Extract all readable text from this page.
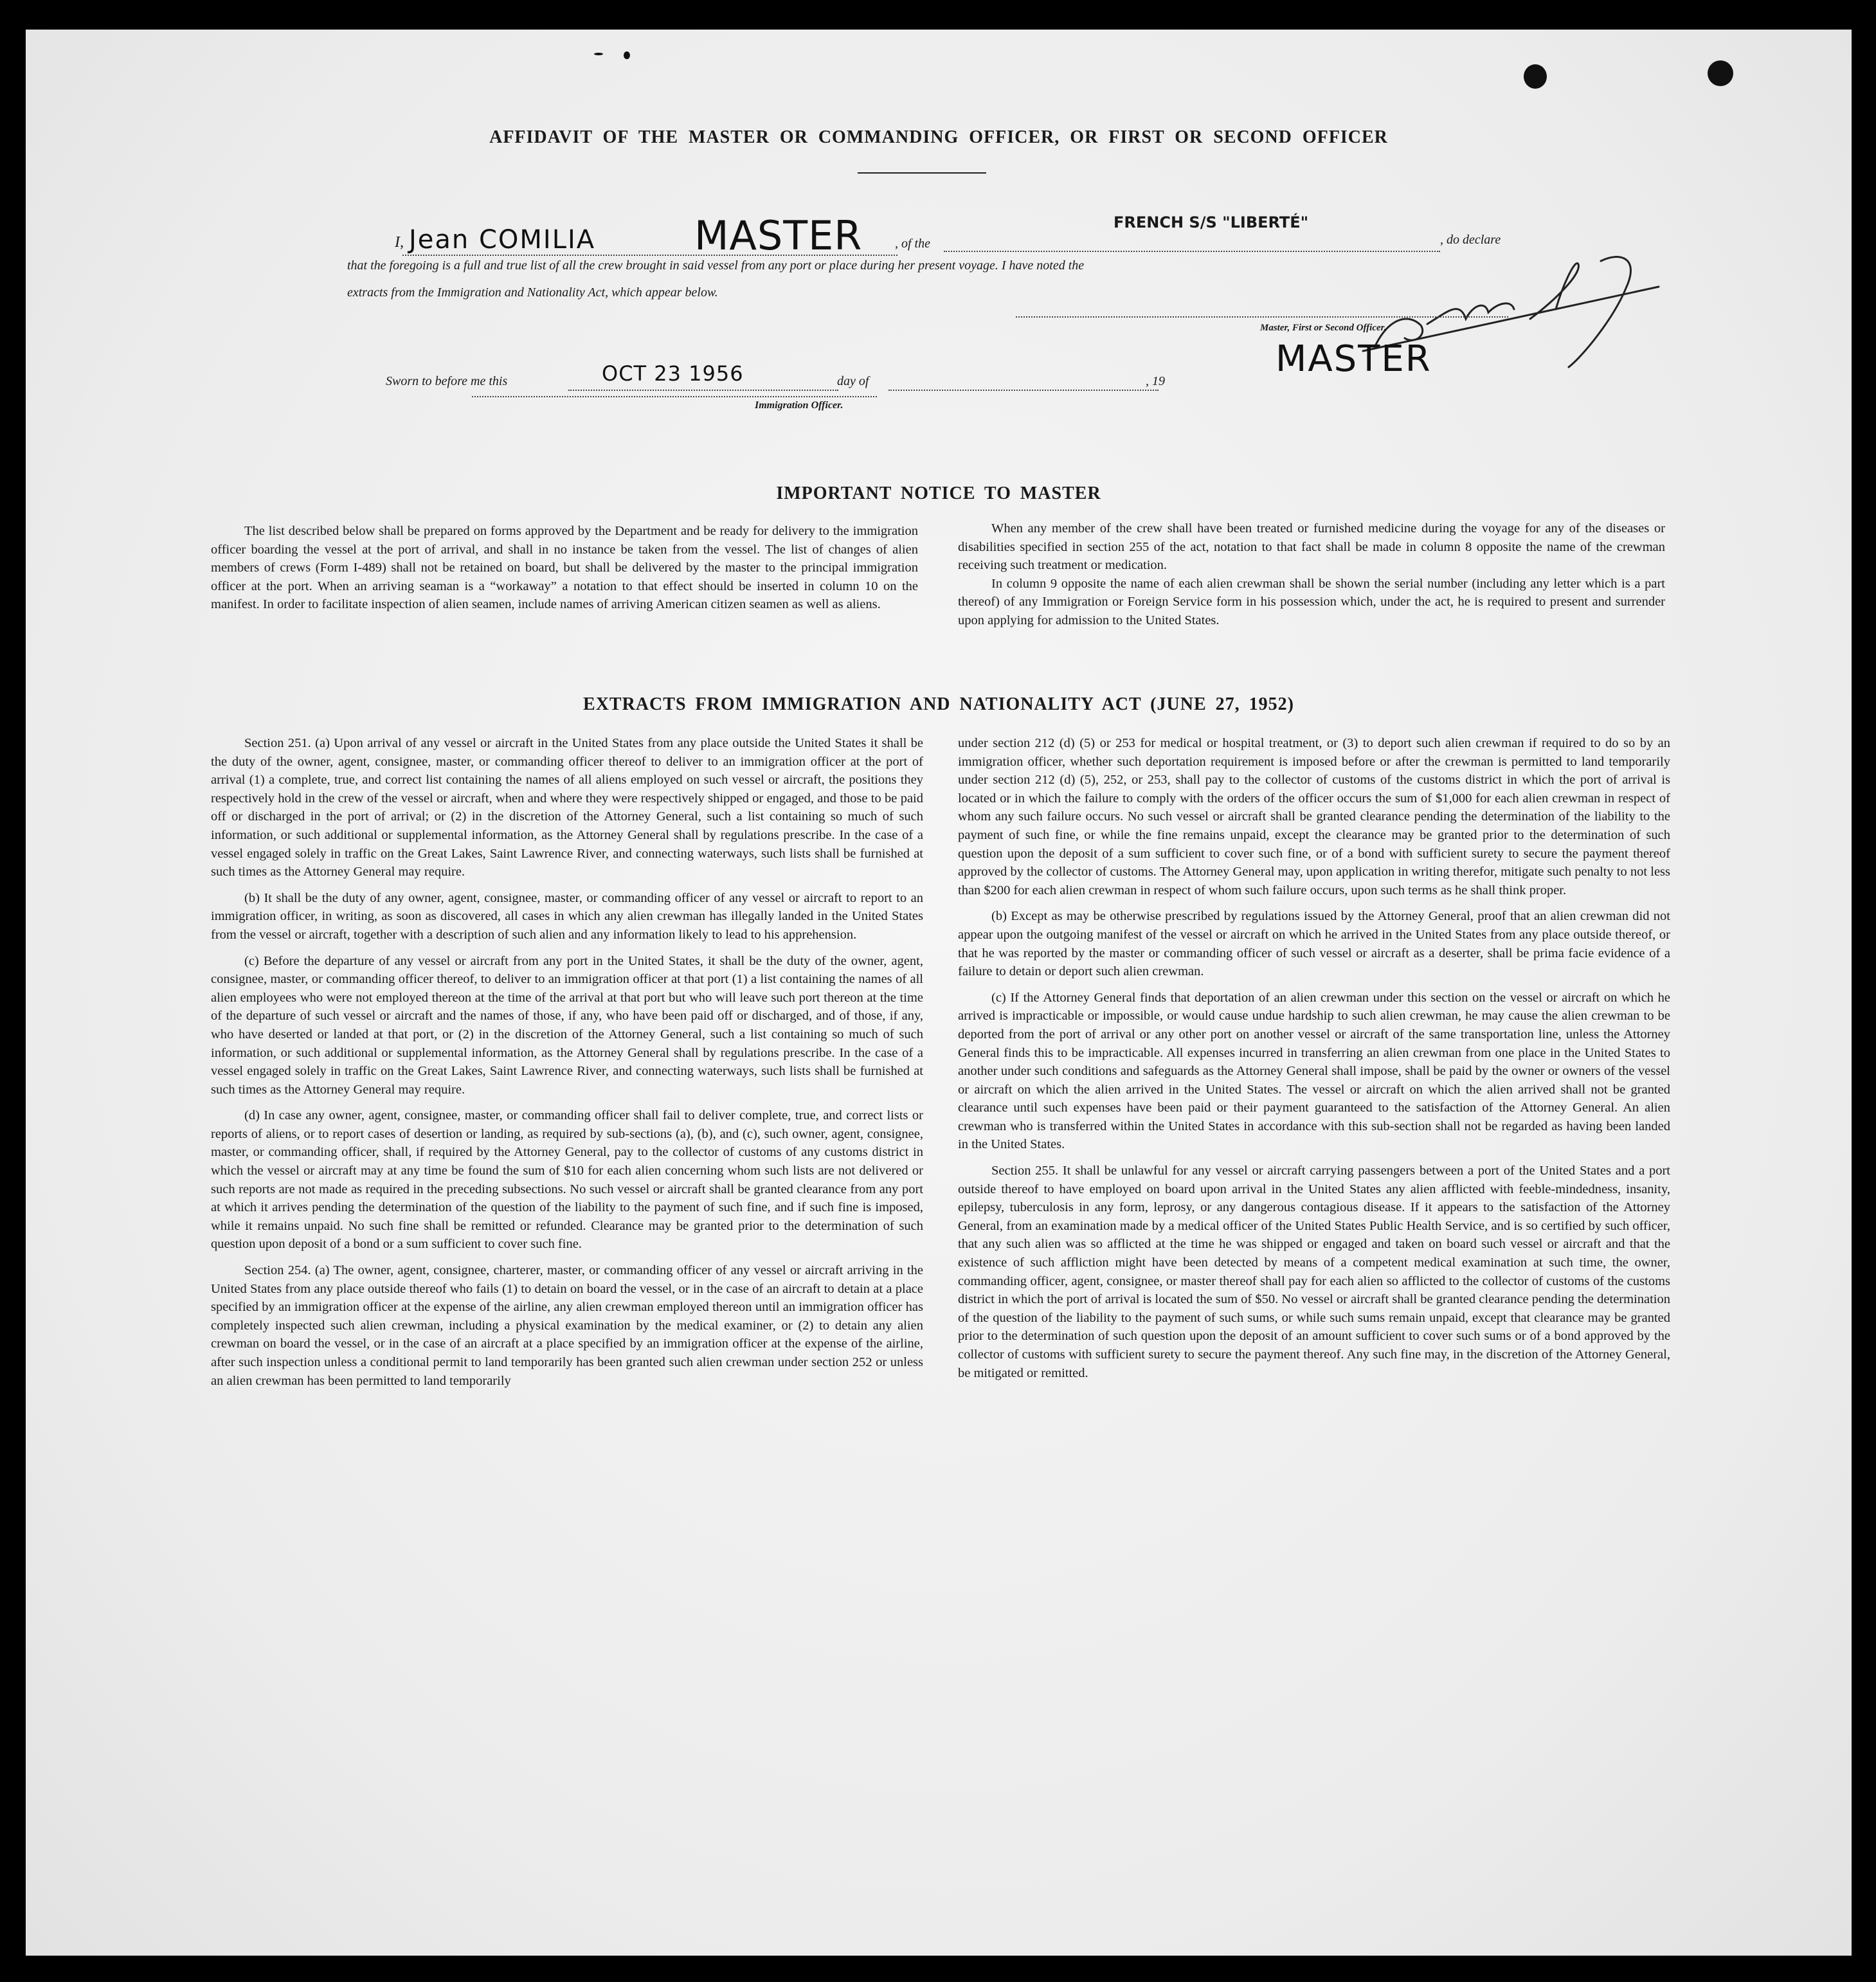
AFFIDAVIT OF THE MASTER OR COMMANDING OFFICER, OR FIRST OR SECOND OFFICER
I, Jean COMILIA MASTER	, of the
FRENCH S/S "LIBERTÉ"
, do declare
that the foregoing is a full and true list of all the crew brought in said vessel from any port or place during her present voyage. I have noted the
extracts from the Immigration and Nationality Act, which appear below.
Sworn to before me this	OCT 23 1956	day of	, 19
Master, First or Second Officer.
MASTER
Immigration Officer.
IMPORTANT NOTICE TO MASTER

The list described below shall be prepared on forms approved by the Department and be ready for delivery to the immigration officer boarding the vessel at the port of arrival, and shall in no instance be taken from the vessel. The list of changes of alien members of crews (Form I-489) shall not be retained on board, but shall be delivered by the master to the principal immigration officer at the port. When an arriving seaman is a “workaway” a notation to that effect should be inserted in column 10 on the manifest. In order to facilitate inspection of alien seamen, include names of arriving American citizen seamen as well as aliens.

When any member of the crew shall have been treated or furnished medicine during the voyage for any of the diseases or disabilities specified in section 255 of the act, notation to that fact shall be made in column 8 opposite the name of the crewman receiving such treatment or medication.

In column 9 opposite the name of each alien crewman shall be shown the serial number (including any letter which is a part thereof) of any Immigration or Foreign Service form in his possession which, under the act, he is required to present and surrender upon applying for admission to the United States.

EXTRACTS FROM IMMIGRATION AND NATIONALITY ACT (JUNE 27, 1952)

Section 251. (a) Upon arrival of any vessel or aircraft in the United States from any place outside the United States it shall be the duty of the owner, agent, consignee, master, or commanding officer thereof to deliver to an immigration officer at the port of arrival (1) a complete, true, and correct list containing the names of all aliens employed on such vessel or aircraft, the positions they respectively hold in the crew of the vessel or aircraft, when and where they were respectively shipped or engaged, and those to be paid off or discharged in the port of arrival; or (2) in the discretion of the Attorney General, such a list containing so much of such information, or such additional or supplemental information, as the Attorney General shall by regulations prescribe. In the case of a vessel engaged solely in traffic on the Great Lakes, Saint Lawrence River, and connecting waterways, such lists shall be furnished at such times as the Attorney General may require.

(b) It shall be the duty of any owner, agent, consignee, master, or commanding officer of any vessel or aircraft to report to an immigration officer, in writing, as soon as discovered, all cases in which any alien crewman has illegally landed in the United States from the vessel or aircraft, together with a description of such alien and any information likely to lead to his apprehension.

(c) Before the departure of any vessel or aircraft from any port in the United States, it shall be the duty of the owner, agent, consignee, master, or commanding officer thereof, to deliver to an immigration officer at that port (1) a list containing the names of all alien employees who were not employed thereon at the time of the arrival at that port but who will leave such port thereon at the time of the departure of such vessel or aircraft and the names of those, if any, who have been paid off or discharged, and of those, if any, who have deserted or landed at that port, or (2) in the discretion of the Attorney General, such a list containing so much of such information, or such additional or supplemental information, as the Attorney General shall by regulations prescribe. In the case of a vessel engaged solely in traffic on the Great Lakes, Saint Lawrence River, and connecting waterways, such lists shall be furnished at such times as the Attorney General may require.

(d) In case any owner, agent, consignee, master, or commanding officer shall fail to deliver complete, true, and correct lists or reports of aliens, or to report cases of desertion or landing, as required by sub-sections (a), (b), and (c), such owner, agent, consignee, master, or commanding officer, shall, if required by the Attorney General, pay to the collector of customs of any customs district in which the vessel or aircraft may at any time be found the sum of $10 for each alien concerning whom such lists are not delivered or such reports are not made as required in the preceding subsections. No such vessel or aircraft shall be granted clearance from any port at which it arrives pending the determination of the question of the liability to the payment of such fine, and if such fine is imposed, while it remains unpaid. No such fine shall be remitted or refunded. Clearance may be granted prior to the determination of such question upon deposit of a bond or a sum sufficient to cover such fine.

Section 254. (a) The owner, agent, consignee, charterer, master, or commanding officer of any vessel or aircraft arriving in the United States from any place outside thereof who fails (1) to detain on board the vessel, or in the case of an aircraft to detain at a place specified by an immigration officer at the expense of the airline, any alien crewman employed thereon until an immigration officer has completely inspected such alien crewman, including a physical examination by the medical examiner, or (2) to detain any alien crewman on board the vessel, or in the case of an aircraft at a place specified by an immigration officer at the expense of the airline, after such inspection unless a conditional permit to land temporarily has been granted such alien crewman under section 252 or unless an alien crewman has been permitted to land temporarily

under section 212 (d) (5) or 253 for medical or hospital treatment, or (3) to deport such alien crewman if required to do so by an immigration officer, whether such deportation requirement is imposed before or after the crewman is permitted to land temporarily under section 212 (d) (5), 252, or 253, shall pay to the collector of customs of the customs district in which the port of arrival is located or in which the failure to comply with the orders of the officer occurs the sum of $1,000 for each alien crewman in respect of whom any such failure occurs. No such vessel or aircraft shall be granted clearance pending the determination of the liability to the payment of such fine, or while the fine remains unpaid, except the clearance may be granted prior to the determination of such question upon the deposit of a sum sufficient to cover such fine, or of a bond with sufficient surety to secure the payment thereof approved by the collector of customs. The Attorney General may, upon application in writing therefor, mitigate such penalty to not less than $200 for each alien crewman in respect of whom such failure occurs, upon such terms as he shall think proper.

(b) Except as may be otherwise prescribed by regulations issued by the Attorney General, proof that an alien crewman did not appear upon the outgoing manifest of the vessel or aircraft on which he arrived in the United States from any place outside thereof, or that he was reported by the master or commanding officer of such vessel or aircraft as a deserter, shall be prima facie evidence of a failure to detain or deport such alien crewman.

(c) If the Attorney General finds that deportation of an alien crewman under this section on the vessel or aircraft on which he arrived is impracticable or impossible, or would cause undue hardship to such alien crewman, he may cause the alien crewman to be deported from the port of arrival or any other port on another vessel or aircraft of the same transportation line, unless the Attorney General finds this to be impracticable. All expenses incurred in transferring an alien crewman from one place in the United States to another under such conditions and safeguards as the Attorney General shall impose, shall be paid by the owner or owners of the vessel or aircraft on which the alien arrived in the United States. The vessel or aircraft on which the alien arrived shall not be granted clearance until such expenses have been paid or their payment guaranteed to the satisfaction of the Attorney General. An alien crewman who is transferred within the United States in accordance with this sub-section shall not be regarded as having been landed in the United States.

Section 255. It shall be unlawful for any vessel or aircraft carrying passengers between a port of the United States and a port outside thereof to have employed on board upon arrival in the United States any alien afflicted with feeble-mindedness, insanity, epilepsy, tuberculosis in any form, leprosy, or any dangerous contagious disease. If it appears to the satisfaction of the Attorney General, from an examination made by a medical officer of the United States Public Health Service, and is so certified by such officer, that any such alien was so afflicted at the time he was shipped or engaged and taken on board such vessel or aircraft and that the existence of such affliction might have been detected by means of a competent medical examination at such time, the owner, commanding officer, agent, consignee, or master thereof shall pay for each alien so afflicted to the collector of customs of the customs district in which the port of arrival is located the sum of $50. No vessel or aircraft shall be granted clearance pending the determination of the question of the liability to the payment of such sums, or while such sums remain unpaid, except that clearance may be granted prior to the determination of such question upon the deposit of an amount sufficient to cover such sums or of a bond approved by the collector of customs with sufficient surety to secure the payment thereof. Any such fine may, in the discretion of the Attorney General, be mitigated or remitted.
